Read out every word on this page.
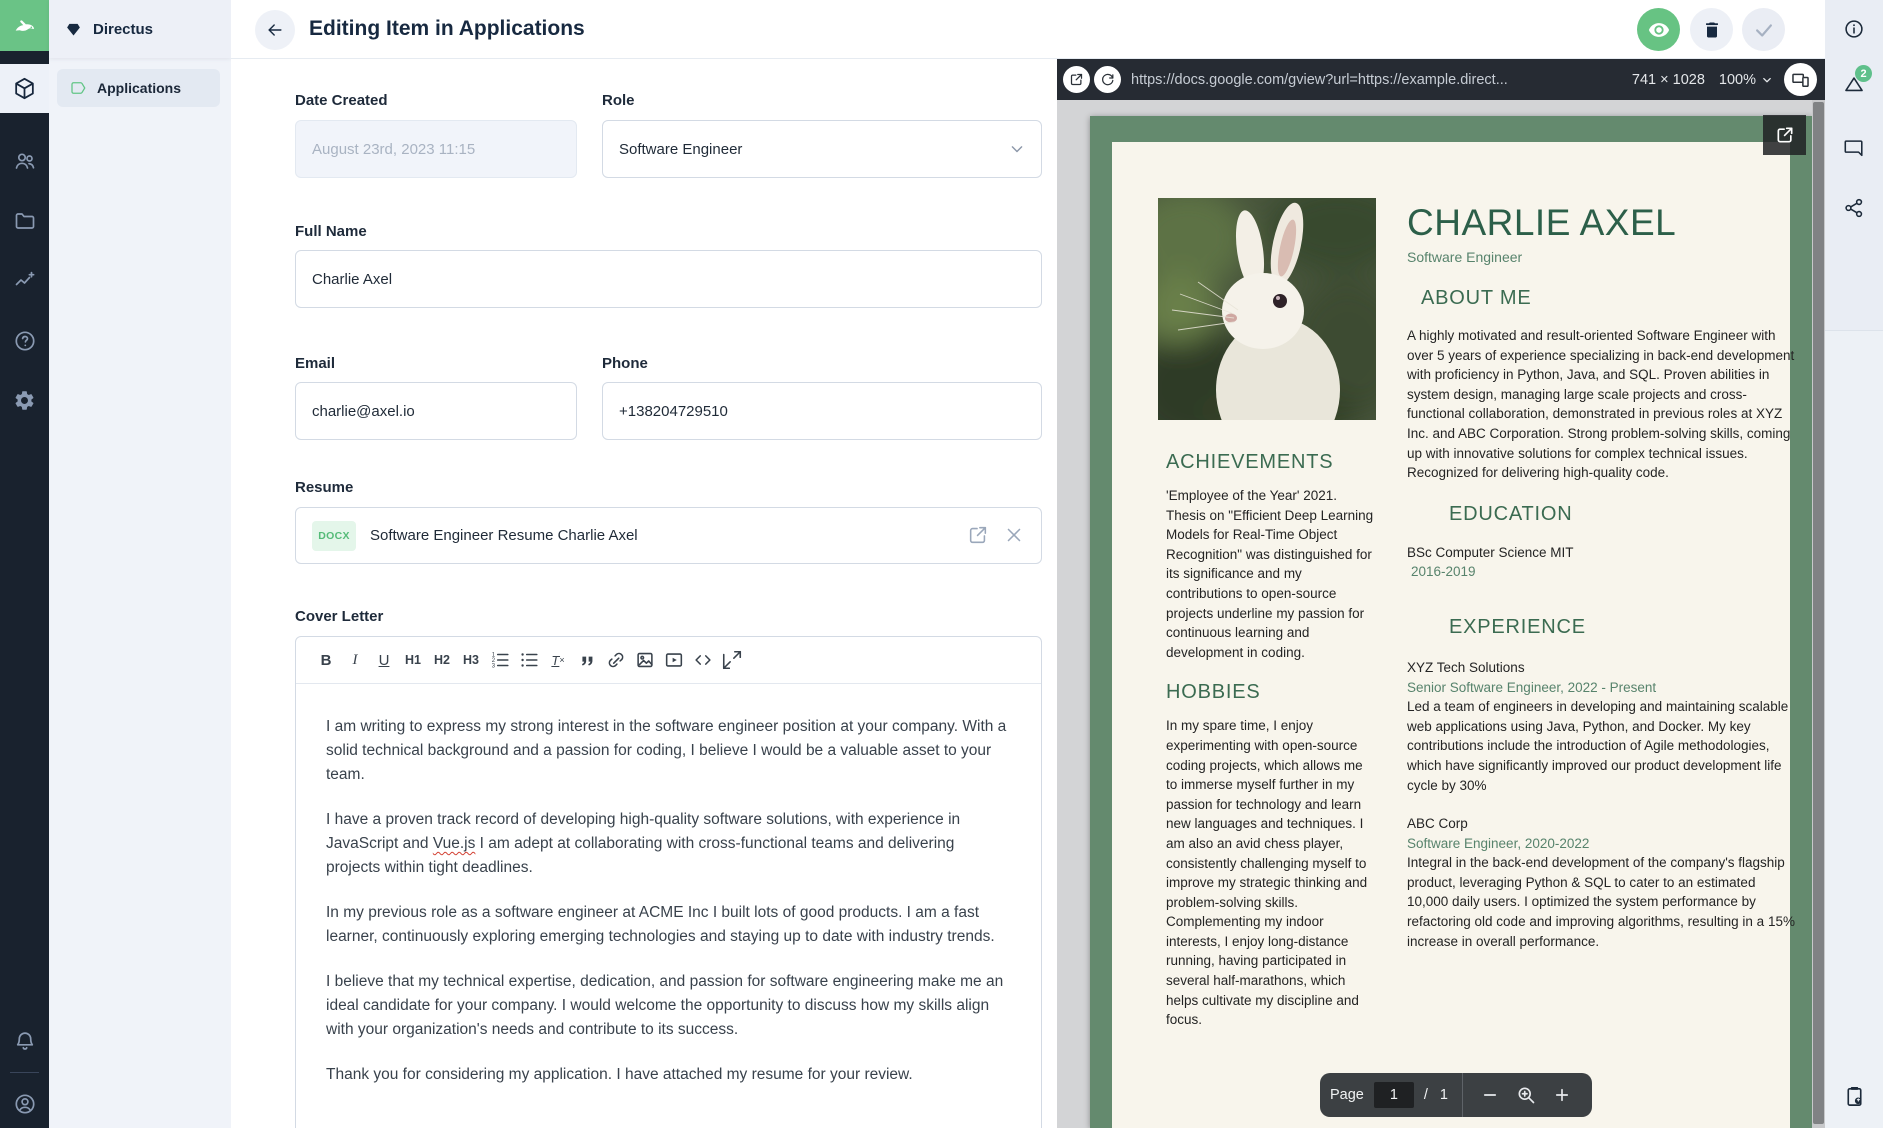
Directus
Applications
Editing Item in Applications
Date Created
August 23rd, 2023 11:15
Role
Software Engineer
Full Name
Charlie Axel
Email
charlie@axel.io
Phone
+138204729510
Resume
DOCX	Software Engineer Resume Charlie Axel
Cover Letter
B	I	U	H1	H2	H3	1
2
3	T ×

I am writing to express my strong interest in the software engineer position at your company. With a solid technical background and a passion for coding, I believe I would be a valuable asset to your team.

I have a proven track record of developing high-quality software solutions, with experience in JavaScript and Vue.js I am adept at collaborating with cross-functional teams and delivering projects within tight deadlines.

In my previous role as a software engineer at ACME Inc I built lots of good products. I am a fast learner, continuously exploring emerging technologies and staying up to date with industry trends.

I believe that my technical expertise, dedication, and passion for software engineering make me an ideal candidate for your company. I would welcome the opportunity to discuss how my skills align with your organization's needs and contribute to its success.

Thank you for considering my application. I have attached my resume for your review.

https://docs.google.com/gview?url=https://example.direct...	741 × 1028 100%
ACHIEVEMENTS
'Employee of the Year' 2021. Thesis on "Efficient Deep Learning Models for Real-Time Object Recognition" was distinguished for its significance and my contributions to open-source projects underline my passion for continuous learning and development in coding.
HOBBIES
In my spare time, I enjoy experimenting with open-source coding projects, which allows me to immerse myself further in my passion for technology and learn new languages and techniques. I am also an avid chess player, consistently challenging myself to improve my strategic thinking and problem-solving skills. Complementing my indoor interests, I enjoy long-distance running, having participated in several half-marathons, which helps cultivate my discipline and focus.
CHARLIE AXEL
Software Engineer
ABOUT ME
A highly motivated and result-oriented Software Engineer with over 5 years of experience specializing in back-end development with proficiency in Python, Java, and SQL. Proven abilities in system design, managing large scale projects and cross-functional collaboration, demonstrated in previous roles at XYZ Inc. and ABC Corporation. Strong problem-solving skills, coming up with innovative solutions for complex technical issues. Recognized for delivering high-quality code.
EDUCATION
BSc Computer Science MIT
2016-2019
EXPERIENCE
XYZ Tech Solutions
Senior Software Engineer, 2022 - Present
Led a team of engineers in developing and maintaining scalable web applications using Java, Python, and Docker. My key contributions include the introduction of Agile methodologies, which have significantly improved our product development life cycle by 30%
ABC Corp
Software Engineer, 2020-2022
Integral in the back-end development of the company's flagship product, leveraging Python & SQL to cater to an estimated 10,000 daily users. I optimized the system performance by refactoring old code and improving algorithms, resulting in a 15% increase in overall performance.
Page	1	/ 1
2
